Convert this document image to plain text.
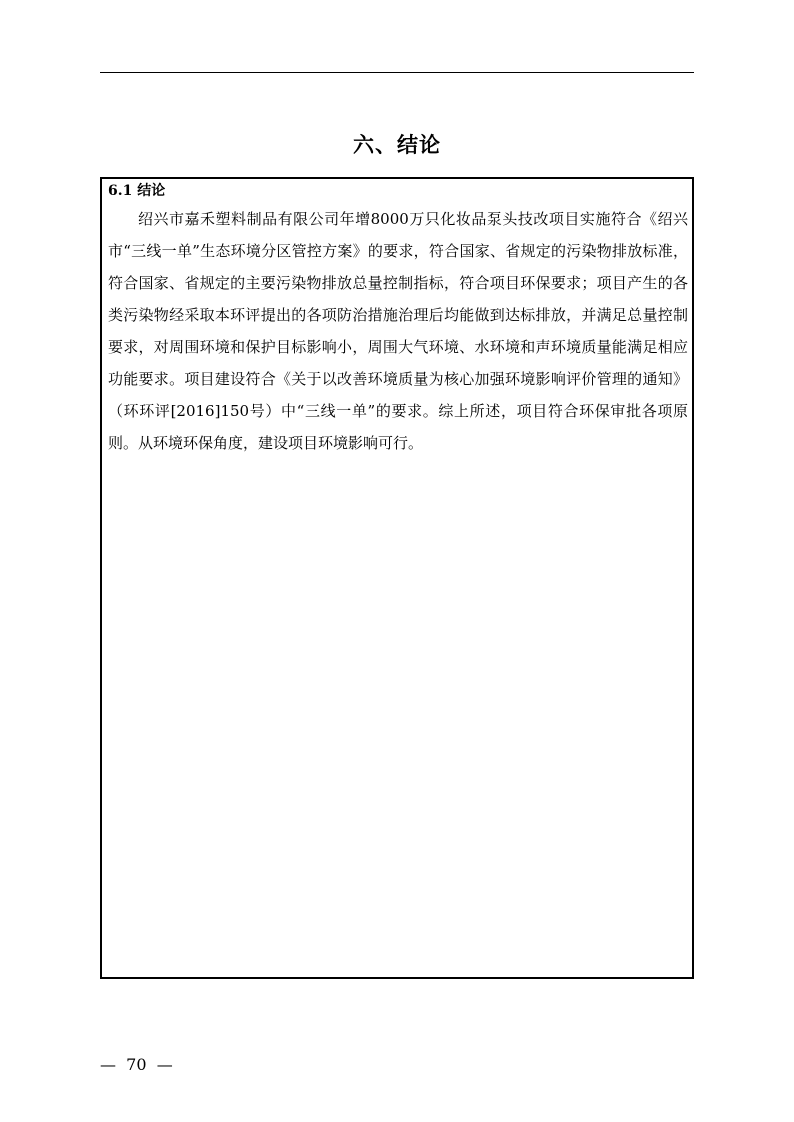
六、结论
6.1 结论

绍兴市嘉禾塑料制品有限公司年增8000万只化妆品泵头技改项目实施符合《绍兴市“三线一单”生态环境分区管控方案》的要求，符合国家、省规定的污染物排放标准，符合国家、省规定的主要污染物排放总量控制指标，符合项目环保要求；项目产生的各类污染物经采取本环评提出的各项防治措施治理后均能做到达标排放，并满足总量控制要求，对周围环境和保护目标影响小，周围大气环境、水环境和声环境质量能满足相应功能要求。项目建设符合《关于以改善环境质量为核心加强环境影响评价管理的通知》（环环评[2016]150号）中“三线一单”的要求。综上所述，项目符合环保审批各项原则。从环境环保角度，建设项目环境影响可行。

—  70  —
